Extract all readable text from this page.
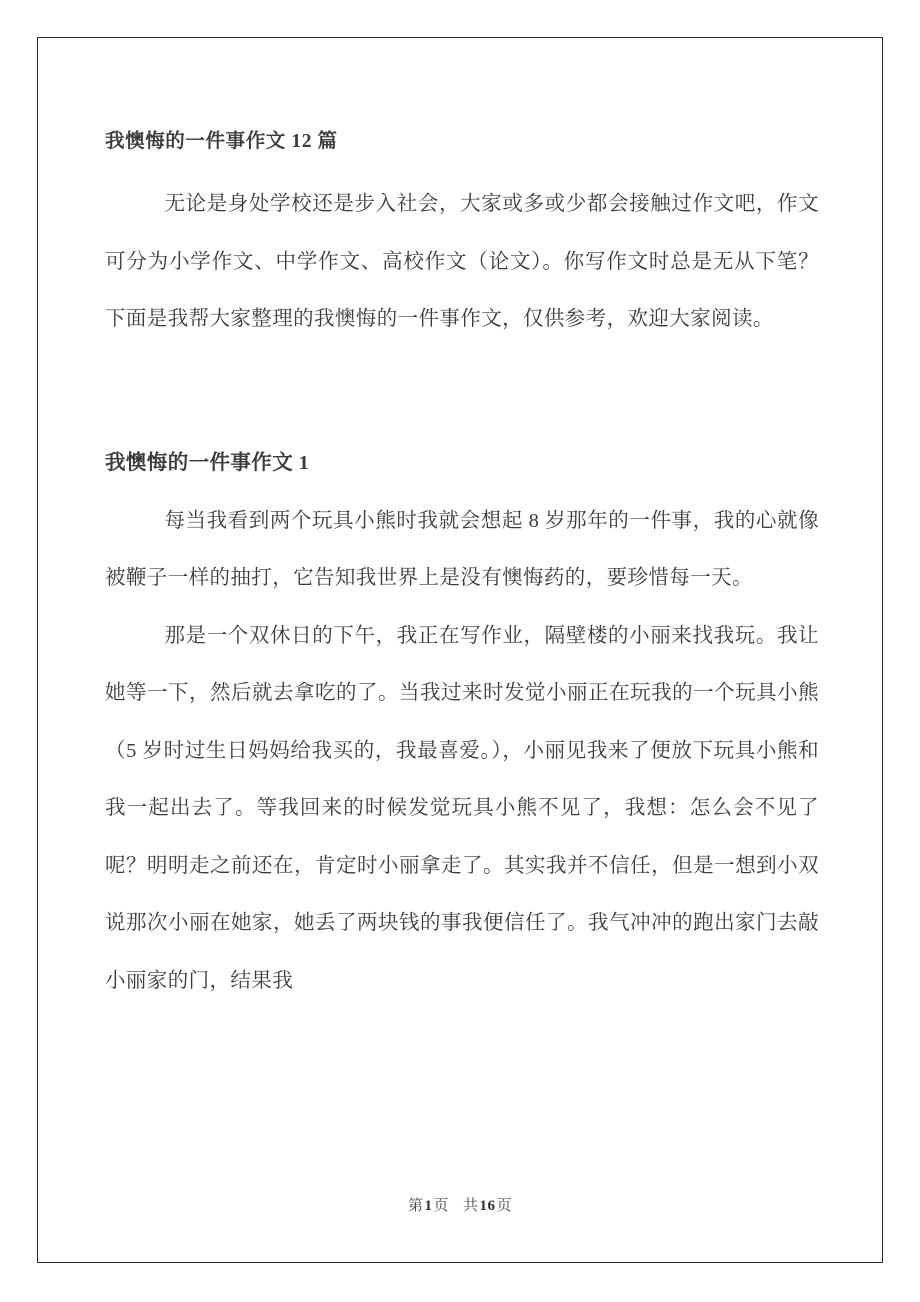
我懊悔的一件事作文 12 篇

无论是身处学校还是步入社会，大家或多或少都会接触过作文吧，作文可分为小学作文、中学作文、高校作文（论文）。你写作文时总是无从下笔？下面是我帮大家整理的我懊悔的一件事作文，仅供参考，欢迎大家阅读。

我懊悔的一件事作文 1

每当我看到两个玩具小熊时我就会想起 8 岁那年的一件事，我的心就像被鞭子一样的抽打，它告知我世界上是没有懊悔药的，要珍惜每一天。

那是一个双休日的下午，我正在写作业，隔壁楼的小丽来找我玩。我让她等一下，然后就去拿吃的了。当我过来时发觉小丽正在玩我的一个玩具小熊（5 岁时过生日妈妈给我买的，我最喜爱。），小丽见我来了便放下玩具小熊和我一起出去了。等我回来的时候发觉玩具小熊不见了，我想：怎么会不见了呢？明明走之前还在，肯定时小丽拿走了。其实我并不信任，但是一想到小双说那次小丽在她家，她丢了两块钱的事我便信任了。我气冲冲的跑出家门去敲小丽家的门，结果我

第1页 共16页
